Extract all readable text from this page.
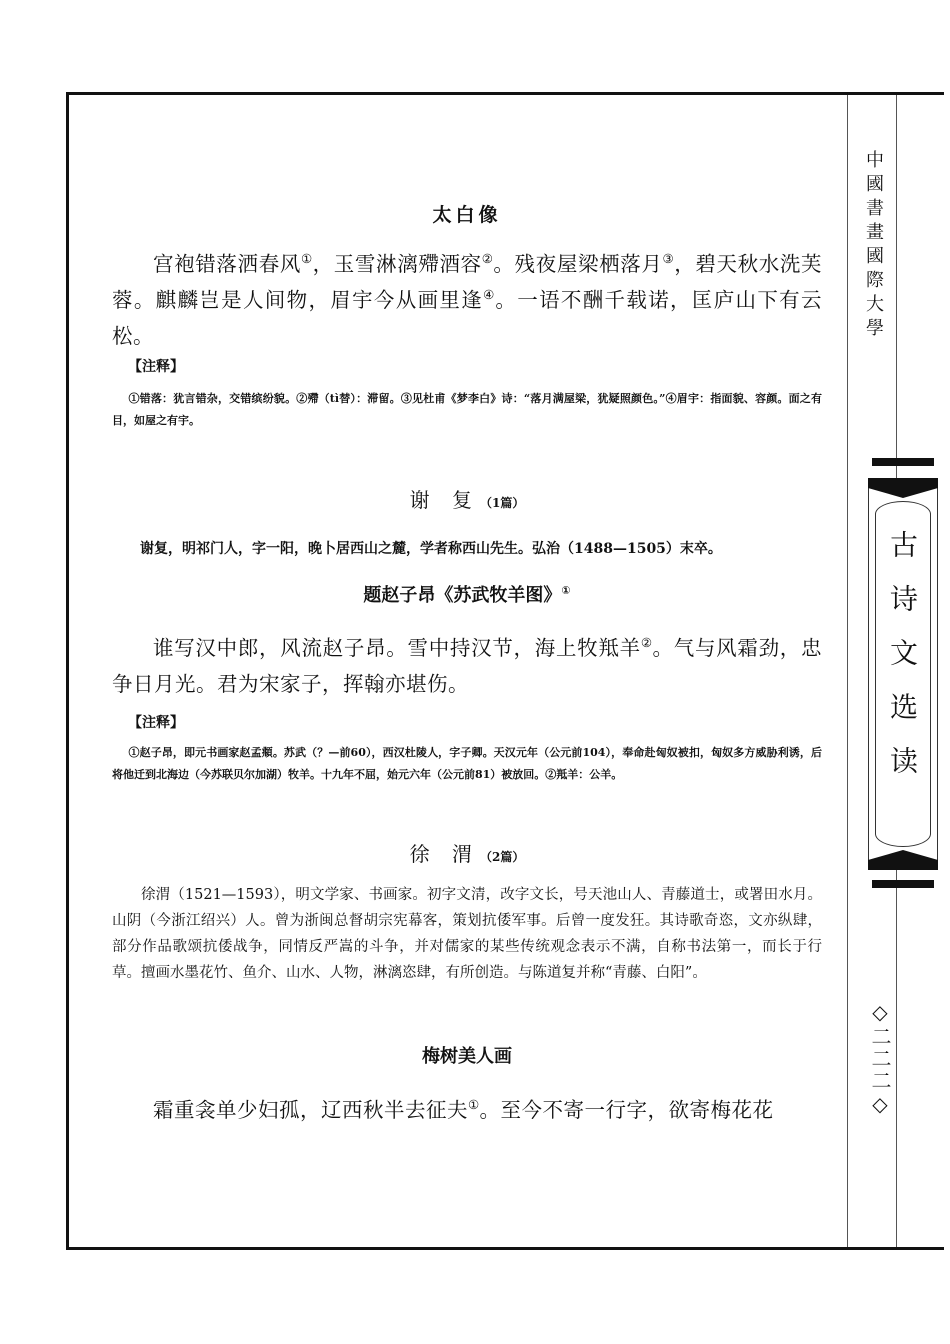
中國書畫國際大學
古诗文选读
◇二二二◇
太白像
宫袍错落洒春风①，玉雪淋漓殢酒容②。残夜屋梁栖落月③，碧天秋水洗芙蓉。麒麟岂是人间物，眉宇今从画里逢④。一语不酬千载诺，匡庐山下有云松。
【注释】
①错落：犹言错杂，交错缤纷貌。②殢（tì替）：滞留。③见杜甫《梦李白》诗：“落月满屋梁，犹疑照颜色。”④眉宇：指面貌、容颜。面之有目，如屋之有宇。
谢 复（1篇）
谢复，明祁门人，字一阳，晚卜居西山之麓，学者称西山先生。弘治（1488—1505）末卒。
题赵子昂《苏武牧羊图》①
谁写汉中郎，风流赵子昂。雪中持汉节，海上牧羝羊②。气与风霜劲，忠争日月光。君为宋家子，挥翰亦堪伤。
【注释】
①赵子昂，即元书画家赵孟頫。苏武（？—前60），西汉杜陵人，字子卿。天汉元年（公元前104），奉命赴匈奴被扣，匈奴多方威胁利诱，后将他迁到北海边（今苏联贝尔加湖）牧羊。十九年不屈，始元六年（公元前81）被放回。②羝羊：公羊。
徐 渭（2篇）
徐渭（1521—1593），明文学家、书画家。初字文清，改字文长，号天池山人、青藤道士，或署田水月。山阴（今浙江绍兴）人。曾为浙闽总督胡宗宪幕客，策划抗倭军事。后曾一度发狂。其诗歌奇恣，文亦纵肆，部分作品歌颂抗倭战争，同情反严嵩的斗争，并对儒家的某些传统观念表示不满，自称书法第一，而长于行草。擅画水墨花竹、鱼介、山水、人物，淋漓恣肆，有所创造。与陈道复并称“青藤、白阳”。
梅树美人画
霜重衾单少妇孤，辽西秋半去征夫①。至今不寄一行字，欲寄梅花花
